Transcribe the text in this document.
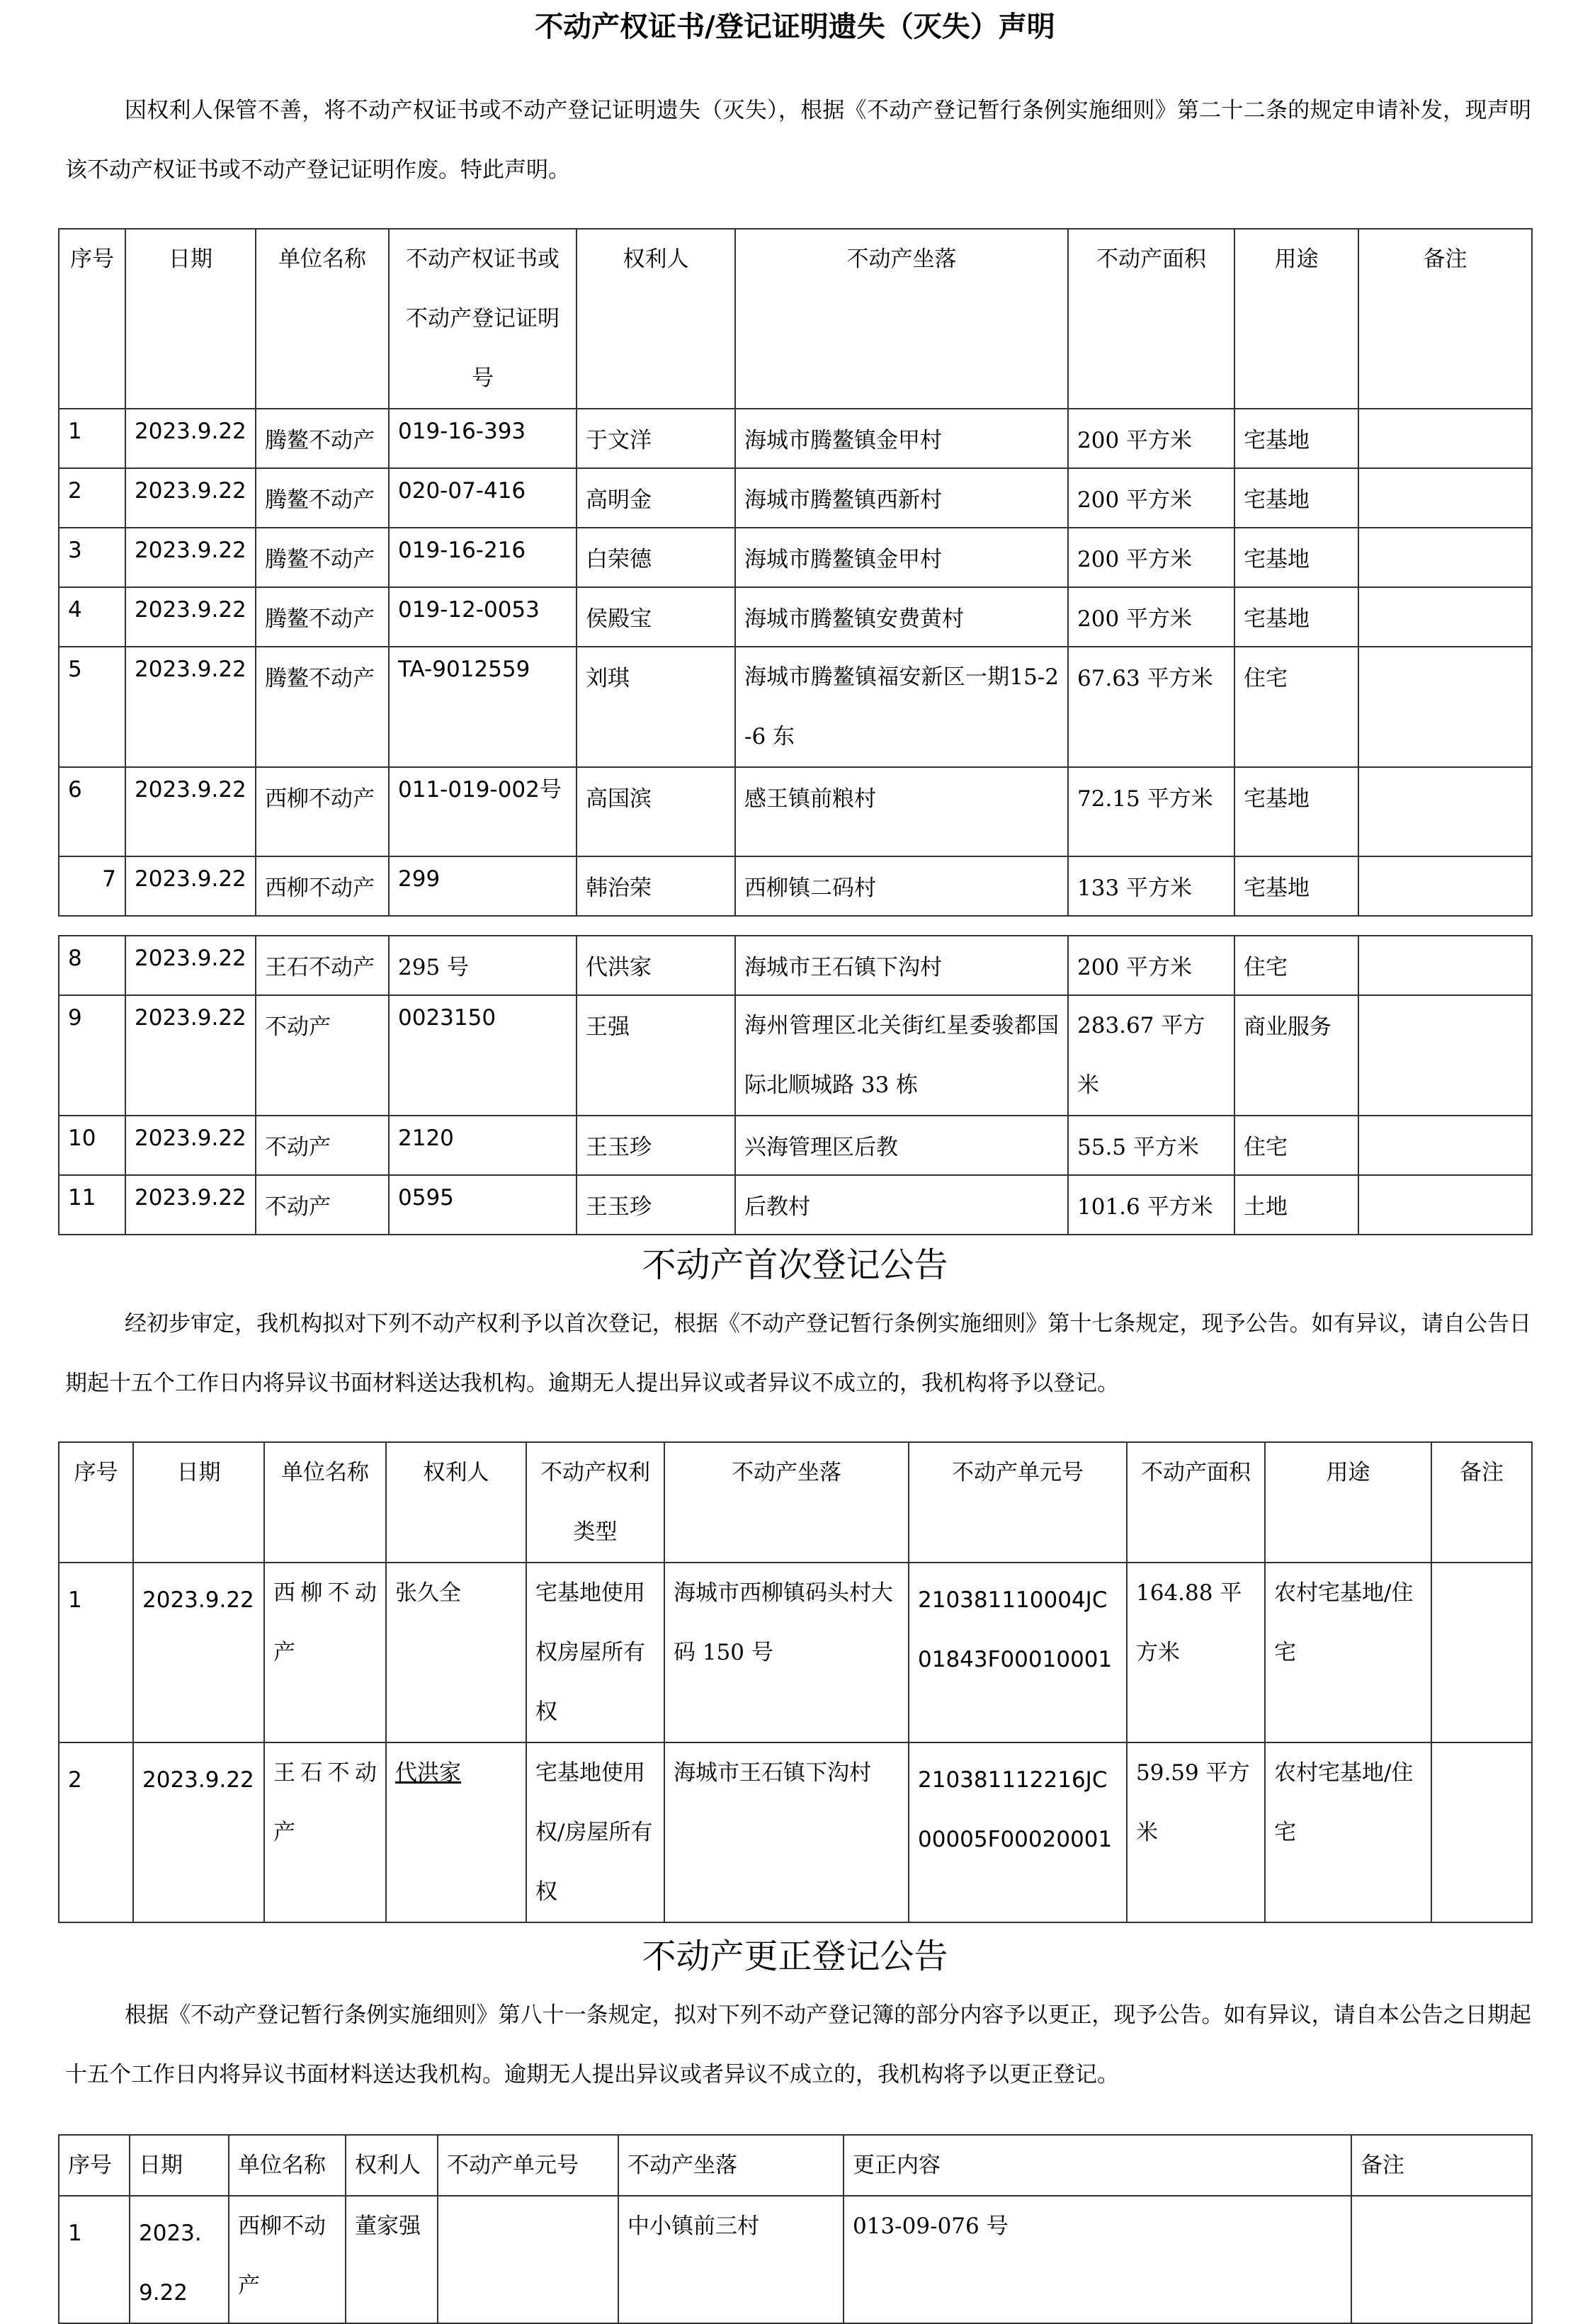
不动产权证书/登记证明遗失（灭失）声明

因权利人保管不善，将不动产权证书或不动产登记证明遗失（灭失），根据《不动产登记暂行条例实施细则》第二十二条的规定申请补发，现声明该不动产权证书或不动产登记证明作废。特此声明。

序号	日期	单位名称	不动产权证书或不动产登记证明号	权利人	不动产坐落	不动产面积	用途	备注
1	2023.9.22	腾鳌不动产	019-16-393	于文洋	海城市腾鳌镇金甲村	200 平方米	宅基地	
2	2023.9.22	腾鳌不动产	020-07-416	高明金	海城市腾鳌镇西新村	200 平方米	宅基地	
3	2023.9.22	腾鳌不动产	019-16-216	白荣德	海城市腾鳌镇金甲村	200 平方米	宅基地	
4	2023.9.22	腾鳌不动产	019-12-0053	侯殿宝	海城市腾鳌镇安费黄村	200 平方米	宅基地	
5	2023.9.22	腾鳌不动产	TA-9012559	刘琪	海城市腾鳌镇福安新区一期15-2-6 东	67.63 平方米	住宅	
6	2023.9.22	西柳不动产	011-019-002号	高国滨	感王镇前粮村	72.15 平方米	宅基地	
7	2023.9.22	西柳不动产	299	韩治荣	西柳镇二码村	133 平方米	宅基地	
8	2023.9.22	王石不动产	295 号	代洪家	海城市王石镇下沟村	200 平方米	住宅	
9	2023.9.22	不动产	0023150	王强	海州管理区北关街红星委骏都国际北顺城路 33 栋	283.67 平方米	商业服务	
10	2023.9.22	不动产	2120	王玉珍	兴海管理区后教	55.5 平方米	住宅	
11	2023.9.22	不动产	0595	王玉珍	后教村	101.6 平方米	土地	
不动产首次登记公告

经初步审定，我机构拟对下列不动产权利予以首次登记，根据《不动产登记暂行条例实施细则》第十七条规定，现予公告。如有异议，请自公告日期起十五个工作日内将异议书面材料送达我机构。逾期无人提出异议或者异议不成立的，我机构将予以登记。

序号	日期	单位名称	权利人	不动产权利类型	不动产坐落	不动产单元号	不动产面积	用途	备注
1	2023.9.22	西柳不动产	张久全	宅基地使用权房屋所有权	海城市西柳镇码头村大码 150 号	210381110004JC01843F00010001	164.88 平方米	农村宅基地/住宅	
2	2023.9.22	王石不动产	代洪家	宅基地使用权/房屋所有权	海城市王石镇下沟村	210381112216JC00005F00020001	59.59 平方米	农村宅基地/住宅	
不动产更正登记公告

根据《不动产登记暂行条例实施细则》第八十一条规定，拟对下列不动产登记簿的部分内容予以更正，现予公告。如有异议，请自本公告之日期起十五个工作日内将异议书面材料送达我机构。逾期无人提出异议或者异议不成立的，我机构将予以更正登记。

序号	日期	单位名称	权利人	不动产单元号	不动产坐落	更正内容	备注
1	2023.9.22	西柳不动产	董家强		中小镇前三村	013-09-076 号	
